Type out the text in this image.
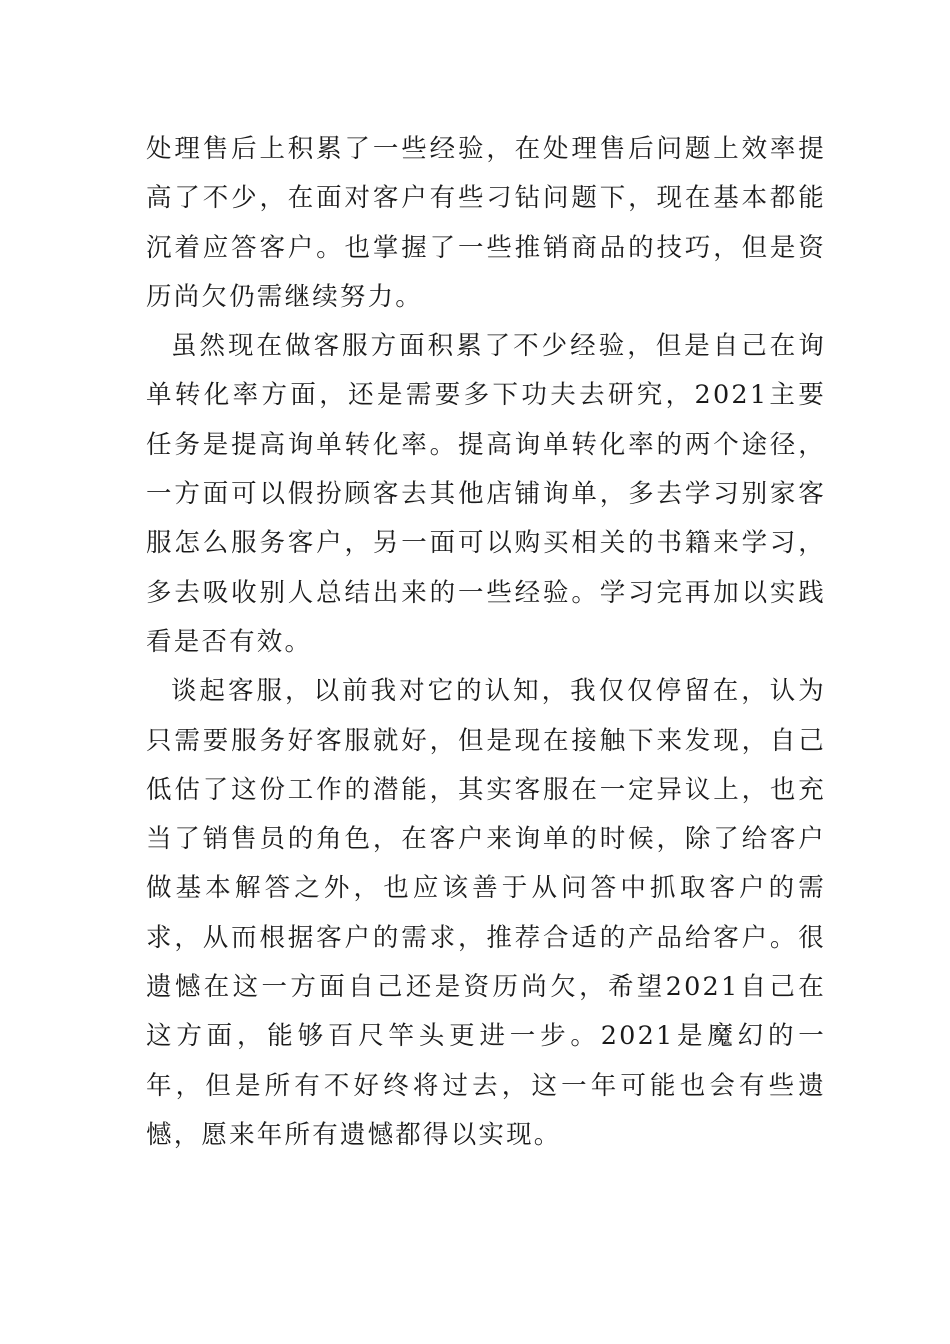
处理售后上积累了一些经验，在处理售后问题上效率提高了不少，在面对客户有些刁钻问题下，现在基本都能沉着应答客户。也掌握了一些推销商品的技巧，但是资历尚欠仍需继续努力。

虽然现在做客服方面积累了不少经验，但是自己在询单转化率方面，还是需要多下功夫去研究，2021主要任务是提高询单转化率。提高询单转化率的两个途径，一方面可以假扮顾客去其他店铺询单，多去学习别家客服怎么服务客户，另一面可以购买相关的书籍来学习，多去吸收别人总结出来的一些经验。学习完再加以实践看是否有效。

谈起客服，以前我对它的认知，我仅仅停留在，认为只需要服务好客服就好，但是现在接触下来发现，自己低估了这份工作的潜能，其实客服在一定异议上，也充当了销售员的角色，在客户来询单的时候，除了给客户做基本解答之外，也应该善于从问答中抓取客户的需求，从而根据客户的需求，推荐合适的产品给客户。很遗憾在这一方面自己还是资历尚欠，希望2021自己在这方面，能够百尺竿头更进一步。2021是魔幻的一年，但是所有不好终将过去，这一年可能也会有些遗憾，愿来年所有遗憾都得以实现。
